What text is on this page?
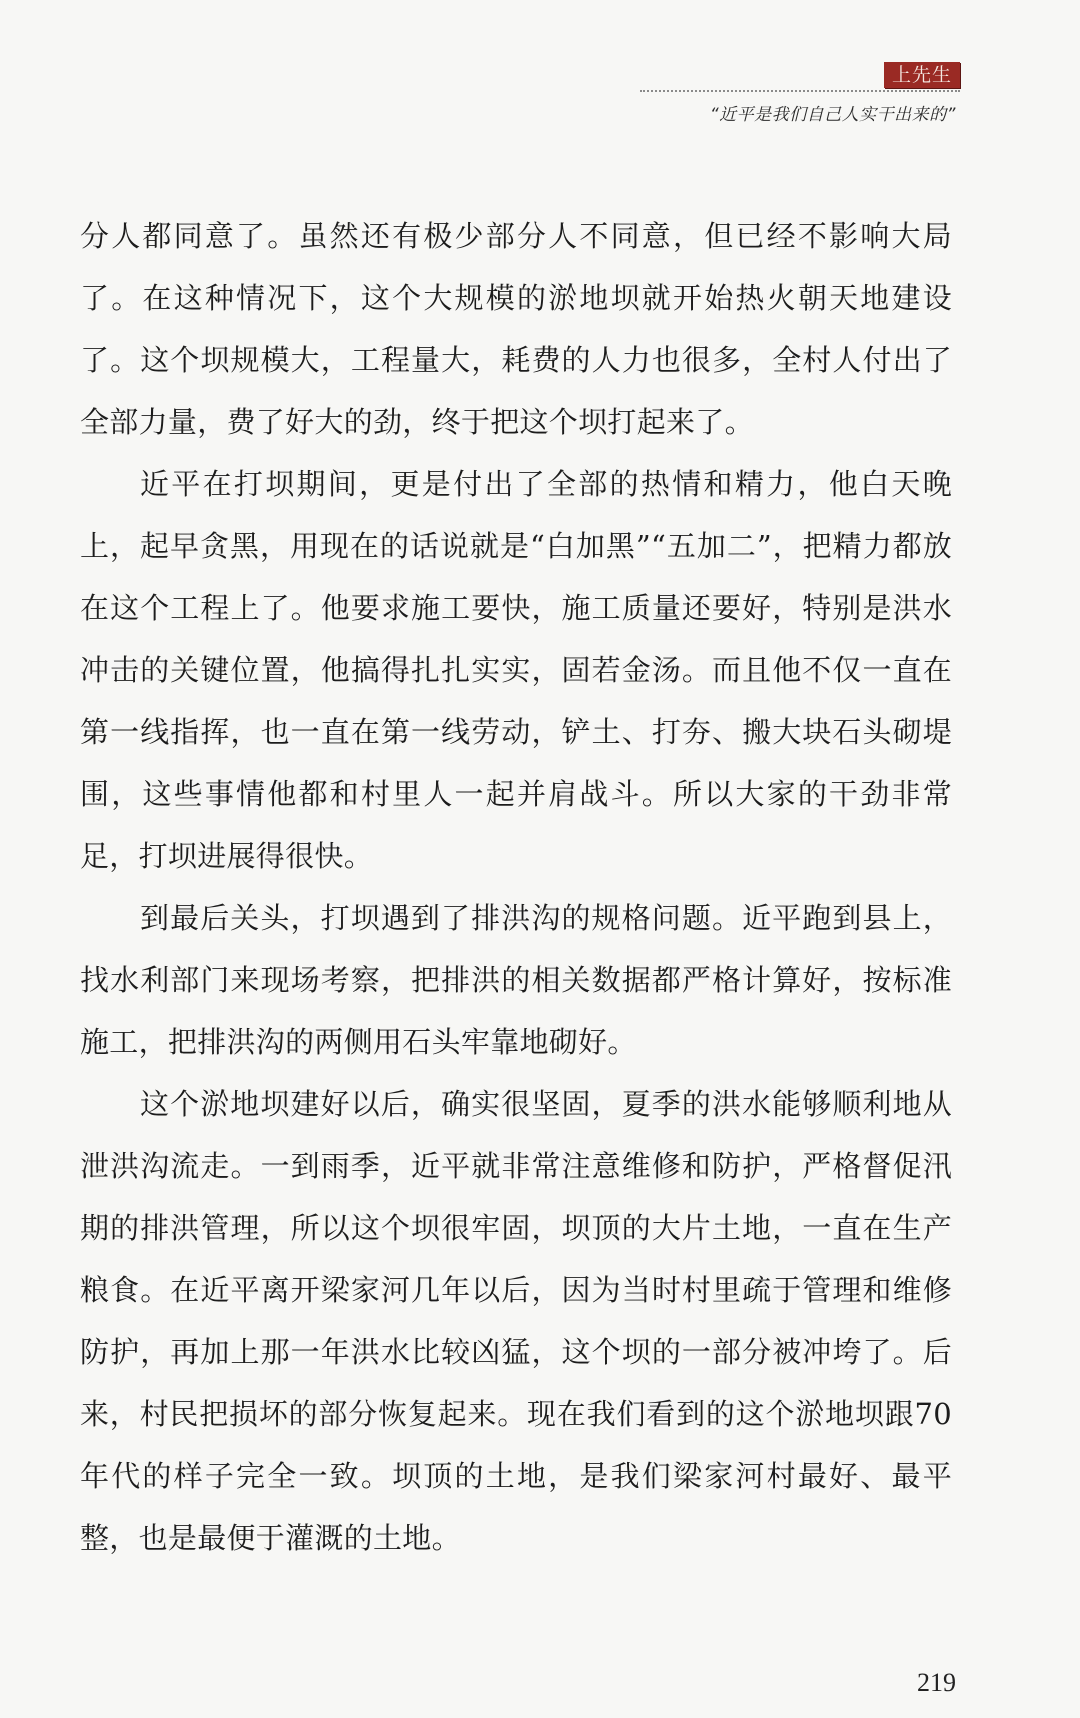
上先生
“近平是我们自己人实干出来的”

分人都同意了。虽然还有极少部分人不同意，但已经不影响大局了。在这种情况下，这个大规模的淤地坝就开始热火朝天地建设了。这个坝规模大，工程量大，耗费的人力也很多，全村人付出了全部力量，费了好大的劲，终于把这个坝打起来了。

近平在打坝期间，更是付出了全部的热情和精力，他白天晚上，起早贪黑，用现在的话说就是“白加黑”“五加二”，把精力都放在这个工程上了。他要求施工要快，施工质量还要好，特别是洪水冲击的关键位置，他搞得扎扎实实，固若金汤。而且他不仅一直在第一线指挥，也一直在第一线劳动，铲土、打夯、搬大块石头砌堤围，这些事情他都和村里人一起并肩战斗。所以大家的干劲非常足，打坝进展得很快。

到最后关头，打坝遇到了排洪沟的规格问题。近平跑到县上，找水利部门来现场考察，把排洪的相关数据都严格计算好，按标准施工，把排洪沟的两侧用石头牢靠地砌好。

这个淤地坝建好以后，确实很坚固，夏季的洪水能够顺利地从泄洪沟流走。一到雨季，近平就非常注意维修和防护，严格督促汛期的排洪管理，所以这个坝很牢固，坝顶的大片土地，一直在生产粮食。在近平离开梁家河几年以后，因为当时村里疏于管理和维修防护，再加上那一年洪水比较凶猛，这个坝的一部分被冲垮了。后来，村民把损坏的部分恢复起来。现在我们看到的这个淤地坝跟70年代的样子完全一致。坝顶的土地，是我们梁家河村最好、最平整，也是最便于灌溉的土地。

219
